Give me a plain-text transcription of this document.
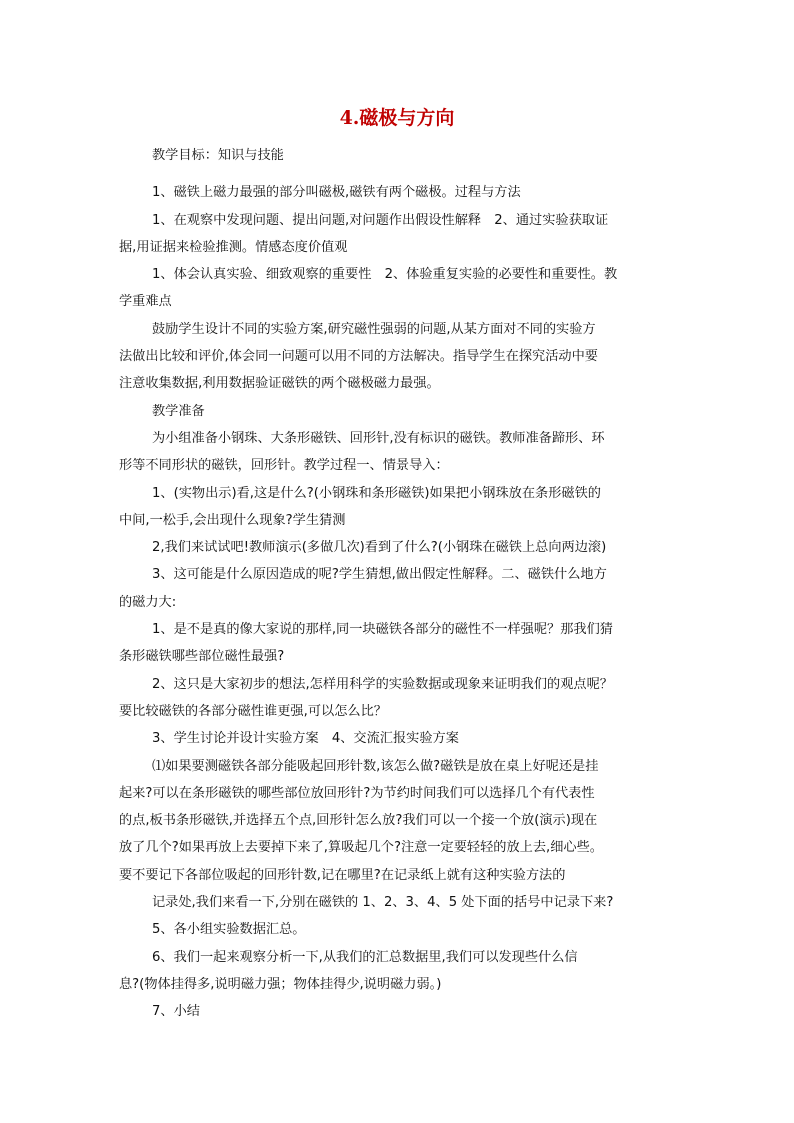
4.磁极与方向

教学目标：知识与技能

1、磁铁上磁力最强的部分叫磁极,磁铁有两个磁极。过程与方法

1、在观察中发现问题、提出问题,对问题作出假设性解释　2、通过实验获取证

据,用证据来检验推测。情感态度价值观

1、体会认真实验、细致观察的重要性　2、体验重复实验的必要性和重要性。教

学重难点

鼓励学生设计不同的实验方案,研究磁性强弱的问题,从某方面对不同的实验方

法做出比较和评价,体会同一问题可以用不同的方法解决。指导学生在探究活动中要

注意收集数据,利用数据验证磁铁的两个磁极磁力最强。

教学准备

为小组准备小钢珠、大条形磁铁、回形针,没有标识的磁铁。教师准备蹄形、环

形等不同形状的磁铁，回形针。教学过程一、情景导入：

1、(实物出示)看,这是什么?(小钢珠和条形磁铁)如果把小钢珠放在条形磁铁的

中间,一松手,会出现什么现象?学生猜测

2,我们来试试吧!教师演示(多做几次)看到了什么?(小钢珠在磁铁上总向两边滚)

3、这可能是什么原因造成的呢?学生猜想,做出假定性解释。二、磁铁什么地方

的磁力大:

1、是不是真的像大家说的那样,同一块磁铁各部分的磁性不一样强呢？那我们猜

条形磁铁哪些部位磁性最强?

2、这只是大家初步的想法,怎样用科学的实验数据或现象来证明我们的观点呢？

要比较磁铁的各部分磁性谁更强,可以怎么比？

3、学生讨论并设计实验方案　4、交流汇报实验方案

⑴如果要测磁铁各部分能吸起回形针数,该怎么做?磁铁是放在桌上好呢还是挂

起来?可以在条形磁铁的哪些部位放回形针?为节约时间我们可以选择几个有代表性

的点,板书条形磁铁,并选择五个点,回形针怎么放?我们可以一个接一个放(演示)现在

放了几个?如果再放上去要掉下来了,算吸起几个?注意一定要轻轻的放上去,细心些。

要不要记下各部位吸起的回形针数,记在哪里?在记录纸上就有这种实验方法的

记录处,我们来看一下,分别在磁铁的 1、2、3、4、5 处下面的括号中记录下来?

5、各小组实验数据汇总。

6、我们一起来观察分析一下,从我们的汇总数据里,我们可以发现些什么信

息?(物体挂得多,说明磁力强；物体挂得少,说明磁力弱。)

7、小结
